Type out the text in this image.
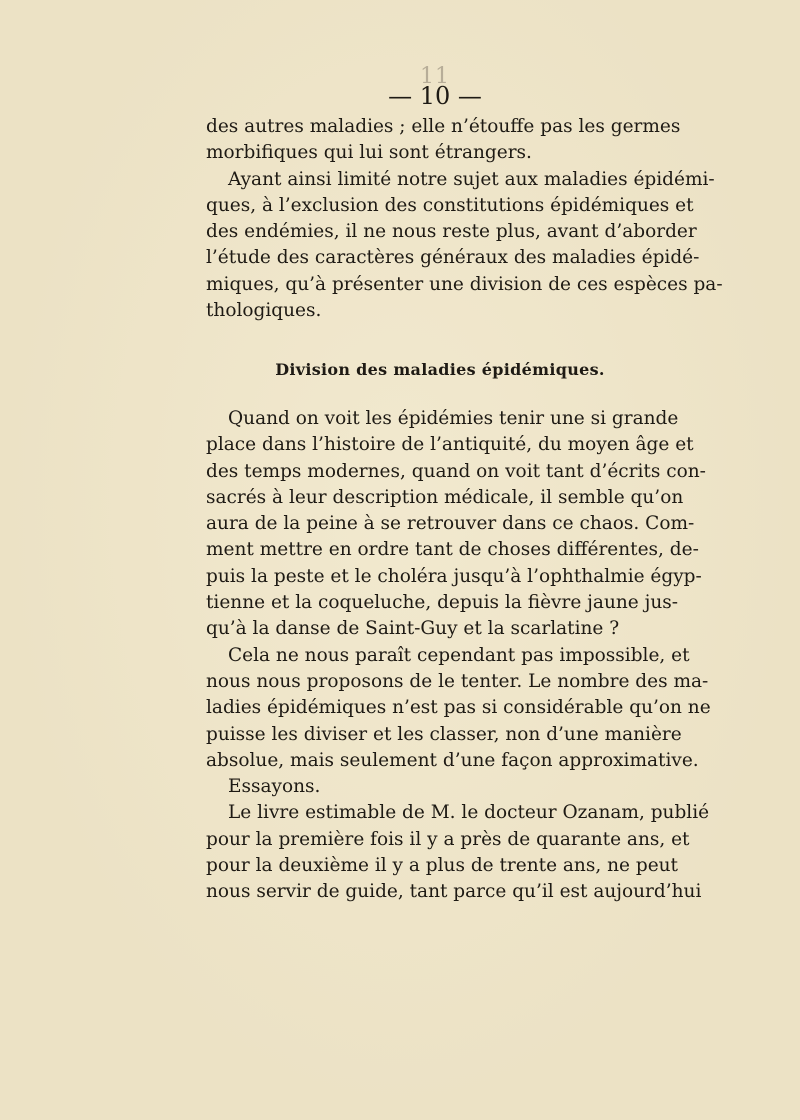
11
— 10 —
des autres maladies ; elle n’étouffe pas les germes
morbifiques qui lui sont étrangers.
Ayant ainsi limité notre sujet aux maladies épidémi-
ques, à l’exclusion des constitutions épidémiques et
des endémies, il ne nous reste plus, avant d’aborder
l’étude des caractères généraux des maladies épidé-
miques, qu’à présenter une division de ces espèces pa-
thologiques.
Division des maladies épidémiques.
Quand on voit les épidémies tenir une si grande
place dans l’histoire de l’antiquité, du moyen âge et
des temps modernes, quand on voit tant d’écrits con-
sacrés à leur description médicale, il semble qu’on
aura de la peine à se retrouver dans ce chaos. Com-
ment mettre en ordre tant de choses différentes, de-
puis la peste et le choléra jusqu’à l’ophthalmie égyp-
tienne et la coqueluche, depuis la fièvre jaune jus-
qu’à la danse de Saint-Guy et la scarlatine ?
Cela ne nous paraît cependant pas impossible, et
nous nous proposons de le tenter. Le nombre des ma-
ladies épidémiques n’est pas si considérable qu’on ne
puisse les diviser et les classer, non d’une manière
absolue, mais seulement d’une façon approximative.
Essayons.
Le livre estimable de M. le docteur Ozanam, publié
pour la première fois il y a près de quarante ans, et
pour la deuxième il y a plus de trente ans, ne peut
nous servir de guide, tant parce qu’il est aujourd’hui
